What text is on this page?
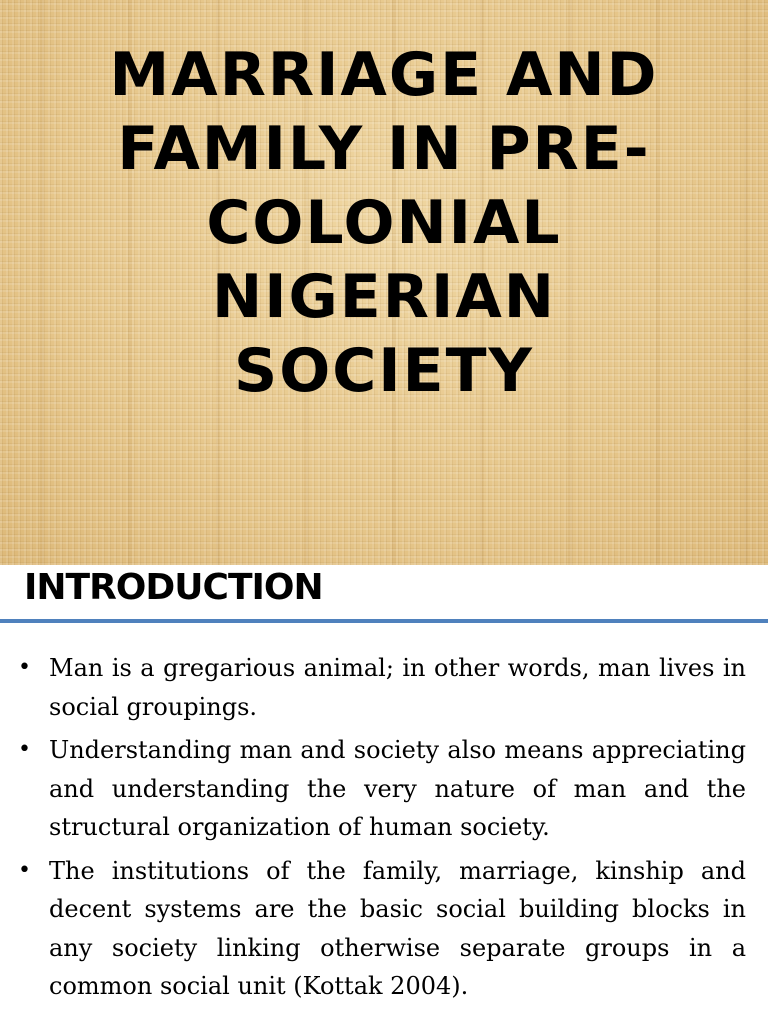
MARRIAGE AND
FAMILY IN PRE-
COLONIAL
NIGERIAN
SOCIETY
INTRODUCTION
• Man is a gregarious animal; in other words, man lives in social groupings.
• Understanding man and society also means appreciating and understanding the very nature of man and the structural organization of human society.
• The institutions of the family, marriage, kinship and decent systems are the basic social building blocks in any society linking otherwise separate groups in a common social unit (Kottak 2004).
